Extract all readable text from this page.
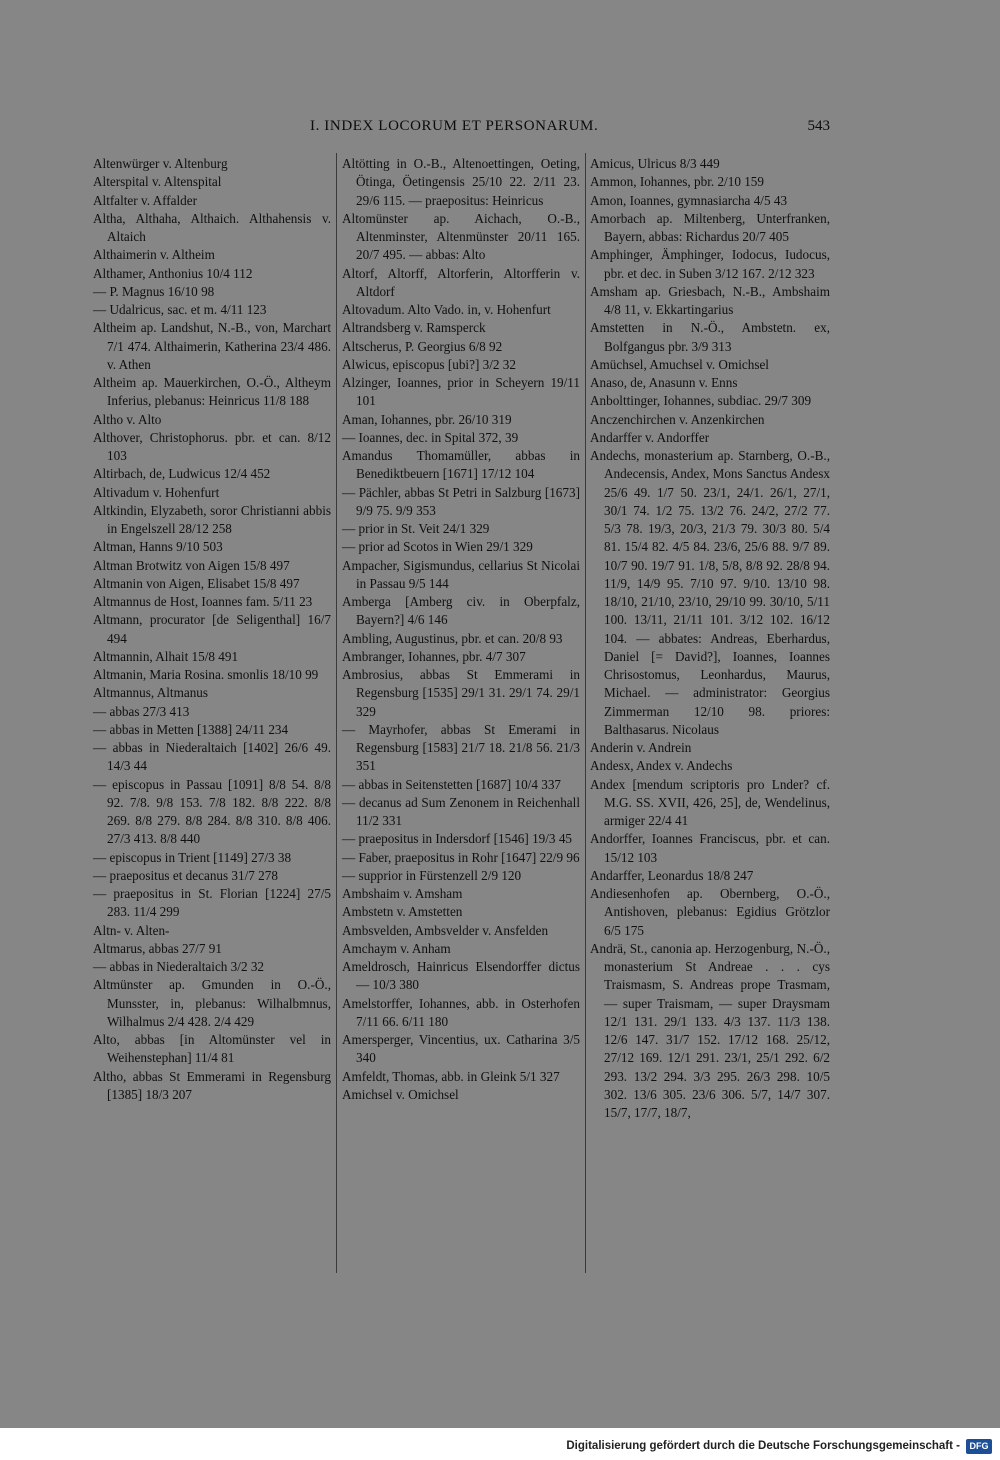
I. INDEX LOCORUM ET PERSONARUM.	543
Altenwürger v. Altenburg
Alterspital v. Altenspital
Altfalter v. Affalder
Altha, Althaha, Althaich. Althahensis v. Altaich
Althaimerin v. Altheim
Althamer, Anthonius 10/4 112
— P. Magnus 16/10 98
— Udalricus, sac. et m. 4/11 123
Altheim ap. Landshut, N.-B., von, Marchart 7/1 474. Althaimerin, Katherina 23/4 486. v. Athen
Altheim ap. Mauerkirchen, O.-Ö., Altheym Inferius, plebanus: Heinricus 11/8 188
Altho v. Alto
Althover, Christophorus. pbr. et can. 8/12 103
Altirbach, de, Ludwicus 12/4 452
Altivadum v. Hohenfurt
Altkindin, Elyzabeth, soror Christianni abbis in Engelszell 28/12 258
Altman, Hanns 9/10 503
Altman Brotwitz von Aigen 15/8 497
Altmanin von Aigen, Elisabet 15/8 497
Altmannus de Host, Ioannes fam. 5/11 23
Altmann, procurator [de Seligenthal] 16/7 494
Altmannin, Alhait 15/8 491
Altmanin, Maria Rosina. smonlis 18/10 99
Altmannus, Altmanus
— abbas 27/3 413
— abbas in Metten [1388] 24/11 234
— abbas in Niederaltaich [1402] 26/6 49. 14/3 44
— episcopus in Passau [1091] 8/8 54. 8/8 92. 7/8. 9/8 153. 7/8 182. 8/8 222. 8/8 269. 8/8 279. 8/8 284. 8/8 310. 8/8 406. 27/3 413. 8/8 440
— episcopus in Trient [1149] 27/3 38
— praepositus et decanus 31/7 278
— praepositus in St. Florian [1224] 27/5 283. 11/4 299
Altn- v. Alten-
Altmarus, abbas 27/7 91
— abbas in Niederaltaich 3/2 32
Altmünster ap. Gmunden in O.-Ö., Munsster, in, plebanus: Wilhalbmnus, Wilhalmus 2/4 428. 2/4 429
Alto, abbas [in Altomünster vel in Weihenstephan] 11/4 81
Altho, abbas St Emmerami in Regensburg [1385] 18/3 207
Altötting in O.-B., Altenoettingen, Oeting, Ötinga, Öetingensis 25/10 22. 2/11 23. 29/6 115. — praepositus: Heinricus
Altomünster ap. Aichach, O.-B., Altenminster, Altenmünster 20/11 165. 20/7 495. — abbas: Alto
Altorf, Altorff, Altorferin, Altorfferin v. Altdorf
Altovadum. Alto Vado. in, v. Hohenfurt
Altrandsberg v. Ramsperck
Altscherus, P. Georgius 6/8 92
Alwicus, episcopus [ubi?] 3/2 32
Alzinger, Ioannes, prior in Scheyern 19/11 101
Aman, Iohannes, pbr. 26/10 319
— Ioannes, dec. in Spital 372, 39
Amandus Thomamüller, abbas in Benediktbeuern [1671] 17/12 104
— Pächler, abbas St Petri in Salzburg [1673] 9/9 75. 9/9 353
— prior in St. Veit 24/1 329
— prior ad Scotos in Wien 29/1 329
Ampacher, Sigismundus, cellarius St Nicolai in Passau 9/5 144
Amberga [Amberg civ. in Oberpfalz, Bayern?] 4/6 146
Ambling, Augustinus, pbr. et can. 20/8 93
Ambranger, Iohannes, pbr. 4/7 307
Ambrosius, abbas St Emmerami in Regensburg [1535] 29/1 31. 29/1 74. 29/1 329
— Mayrhofer, abbas St Emerami in Regensburg [1583] 21/7 18. 21/8 56. 21/3 351
— abbas in Seitenstetten [1687] 10/4 337
— decanus ad Sum Zenonem in Reichenhall 11/2 331
— praepositus in Indersdorf [1546] 19/3 45
— Faber, praepositus in Rohr [1647] 22/9 96
— supprior in Fürstenzell 2/9 120
Ambshaim v. Amsham
Ambstetn v. Amstetten
Ambsvelden, Ambsvelder v. Ansfelden
Amchaym v. Anham
Ameldrosch, Hainricus Elsendorffer dictus — 10/3 380
Amelstorffer, Iohannes, abb. in Osterhofen 7/11 66. 6/11 180
Amersperger, Vincentius, ux. Catharina 3/5 340
Amfeldt, Thomas, abb. in Gleink 5/1 327
Amichsel v. Omichsel
Amicus, Ulricus 8/3 449
Ammon, Iohannes, pbr. 2/10 159
Amon, Ioannes, gymnasiarcha 4/5 43
Amorbach ap. Miltenberg, Unterfranken, Bayern, abbas: Richardus 20/7 405
Amphinger, Ämphinger, Iodocus, Iudocus, pbr. et dec. in Suben 3/12 167. 2/12 323
Amsham ap. Griesbach, N.-B., Ambshaim 4/8 11, v. Ekkartingarius
Amstetten in N.-Ö., Ambstetn. ex, Bolfgangus pbr. 3/9 313
Amüchsel, Amuchsel v. Omichsel
Anaso, de, Anasunn v. Enns
Anbolttinger, Iohannes, subdiac. 29/7 309
Anczenchirchen v. Anzenkirchen
Andarffer v. Andorffer
Andechs, monasterium ap. Starnberg, O.-B., Andecensis, Andex, Mons Sanctus Andesx 25/6 49. 1/7 50. 23/1, 24/1. 26/1, 27/1, 30/1 74. 1/2 75. 13/2 76. 24/2, 27/2 77. 5/3 78. 19/3, 20/3, 21/3 79. 30/3 80. 5/4 81. 15/4 82. 4/5 84. 23/6, 25/6 88. 9/7 89. 10/7 90. 19/7 91. 1/8, 5/8, 8/8 92. 28/8 94. 11/9, 14/9 95. 7/10 97. 9/10. 13/10 98. 18/10, 21/10, 23/10, 29/10 99. 30/10, 5/11 100. 13/11, 21/11 101. 3/12 102. 16/12 104. — abbates: Andreas, Eberhardus, Daniel [= David?], Ioannes, Ioannes Chrisostomus, Leonhardus, Maurus, Michael. — administrator: Georgius Zimmerman 12/10 98. priores: Balthasarus. Nicolaus
Anderin v. Andrein
Andesx, Andex v. Andechs
Andex [mendum scriptoris pro Lnder? cf. M.G. SS. XVII, 426, 25], de, Wendelinus, armiger 22/4 41
Andorffer, Ioannes Franciscus, pbr. et can. 15/12 103
Andarffer, Leonardus 18/8 247
Andiesenhofen ap. Obernberg, O.-Ö., Antishoven, plebanus: Egidius Grötzlor 6/5 175
Andrä, St., canonia ap. Herzogenburg, N.-Ö., monasterium St Andreae . . . cys Traismasm, S. Andreas prope Trasmam, — super Traismam, — super Draysmam 12/1 131. 29/1 133. 4/3 137. 11/3 138. 12/6 147. 31/7 152. 17/12 168. 25/12, 27/12 169. 12/1 291. 23/1, 25/1 292. 6/2 293. 13/2 294. 3/3 295. 26/3 298. 10/5 302. 13/6 305. 23/6 306. 5/7, 14/7 307. 15/7, 17/7, 18/7,
Digitalisierung gefördert durch die Deutsche Forschungsgemeinschaft -	DFG
